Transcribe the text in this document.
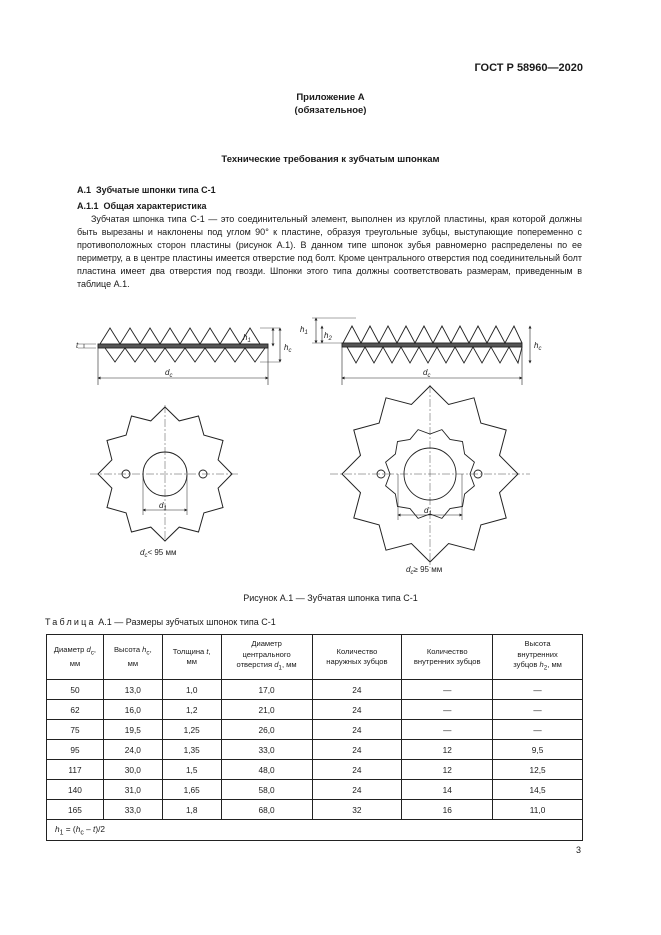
ГОСТ Р 58960—2020
Приложение А
(обязательное)
Технические требования к зубчатым шпонкам
А.1 Зубчатые шпонки типа С-1
А.1.1 Общая характеристика
Зубчатая шпонка типа С-1 — это соединительный элемент, выполнен из круглой пластины, края которой должны быть вырезаны и наклонены под углом 90° к пластине, образуя треугольные зубцы, выступающие попеременно с противоположных сторон пластины (рисунок А.1). В данном типе шпонок зубья равномерно распределены по ее периметру, а в центре пластины имеется отверстие под болт. Кроме центрального отверстия под соединительный болт пластина имеет два отверстия под гвозди. Шпонки этого типа должны соответствовать размерам, приведенным в таблице А.1.
$d_c$
t
$h_1$
$h_c$
$d_c$
$h_1$ $h_2$
$h_c$
$d_1$
$d_c< 95$ мм
$d_1$
$d_c\ge 95$ мм
Рисунок А.1 — Зубчатая шпонка типа С-1
Таблица А.1 — Размеры зубчатых шпонок типа С-1
Диаметр $d_c$,
мм	Высота $h_c$,
мм	Толщина t,
мм	Диаметр
центрального
отверстия $d_1$, мм	Количество
наружных зубцов	Количество
внутренних зубцов	Высота
внутренних
зубцов $h_2$, мм
50	13,0	1,0	17,0	24	—	—
62	16,0	1,2	21,0	24	—	—
75	19,5	1,25	26,0	24	—	—
95	24,0	1,35	33,0	24	12	9,5
117	30,0	1,5	48,0	24	12	12,5
140	31,0	1,65	58,0	24	14	14,5
165	33,0	1,8	68,0	32	16	11,0
$h_1 = (h_c - t)/2$						
3
